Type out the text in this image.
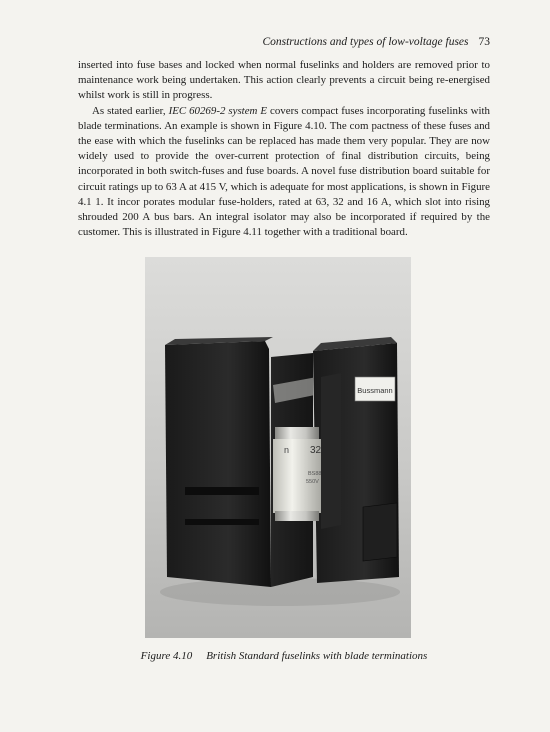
Constructions and types of low-voltage fuses 73

inserted into fuse bases and locked when normal fuselinks and holders are removed prior to maintenance work being undertaken. This action clearly prevents a circuit being re-energised whilst work is still in progress.

As stated earlier, IEC 60269-2 system E covers compact fuses incorporating fuselinks with blade terminations. An example is shown in Figure 4.10. The com pactness of these fuses and the ease with which the fuselinks can be replaced has made them very popular. They are now widely used to provide the over-current protection of final distribution circuits, being incorporated in both switch-fuses and fuse boards. A novel fuse distribution board suitable for circuit ratings up to 63 A at 415 V, which is adequate for most applications, is shown in Figure 4.1 1. It incor porates modular fuse-holders, rated at 63, 32 and 16 A, which slot into rising shrouded 200 A bus bars. An integral isolator may also be incorporated if required by the customer. This is illustrated in Figure 4.11 together with a traditional board.

Bussmann
n 32
BS88
550V
Figure 4.10 British Standard fuselinks with blade terminations
